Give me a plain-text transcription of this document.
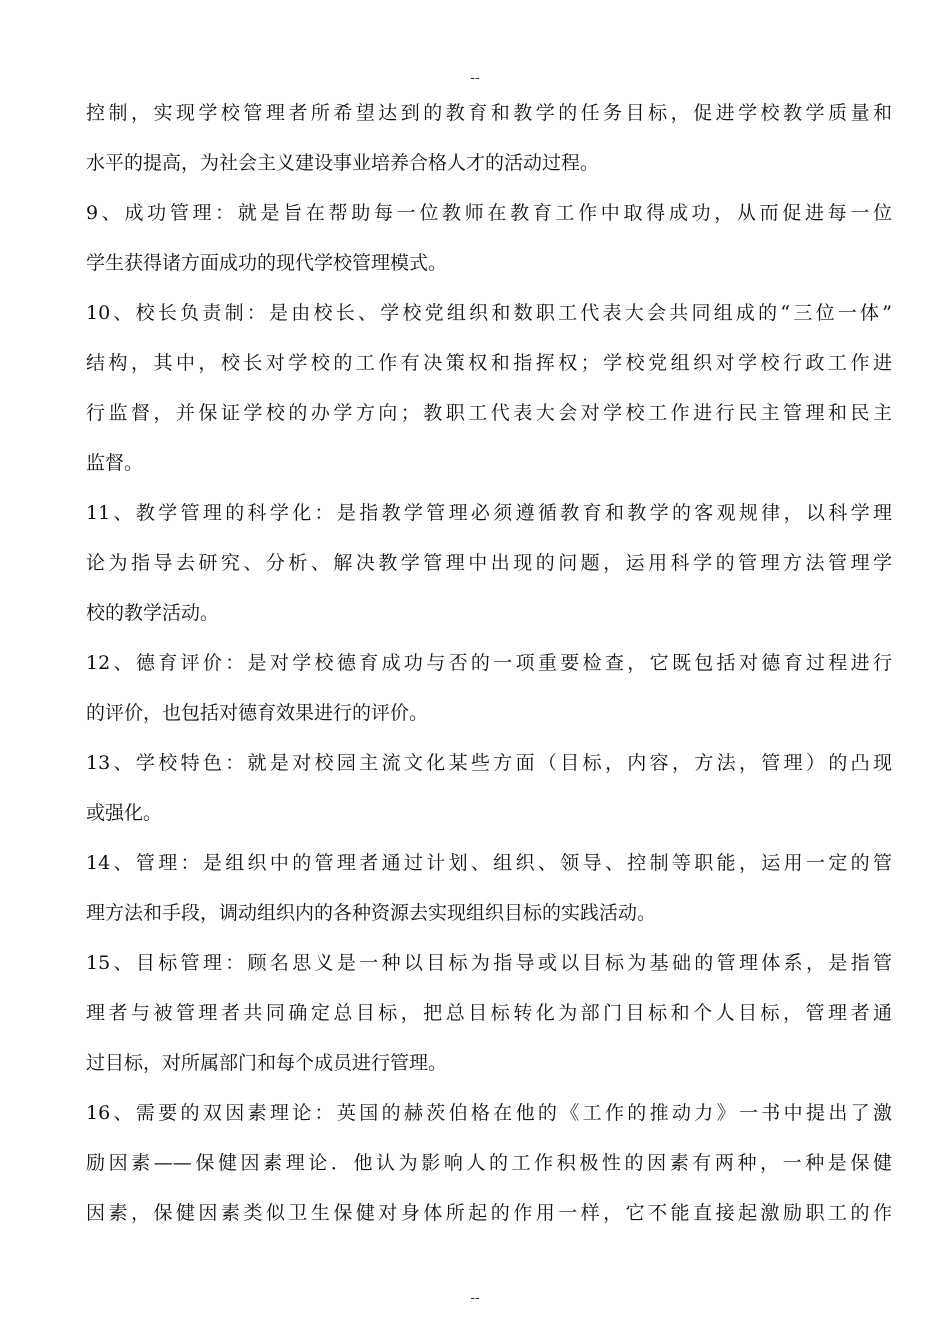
--
控制，实现学校管理者所希望达到的教育和教学的任务目标，促进学校教学质量和
水平的提高，为社会主义建设事业培养合格人才的活动过程。
9、成功管理：就是旨在帮助每一位教师在教育工作中取得成功，从而促进每一位
学生获得诸方面成功的现代学校管理模式。
10、校长负责制：是由校长、学校党组织和数职工代表大会共同组成的“三位一体”
结构，其中，校长对学校的工作有决策权和指挥权；学校党组织对学校行政工作进
行监督，并保证学校的办学方向；教职工代表大会对学校工作进行民主管理和民主
监督。
11、教学管理的科学化：是指教学管理必须遵循教育和教学的客观规律，以科学理
论为指导去研究、分析、解决教学管理中出现的问题，运用科学的管理方法管理学
校的教学活动。
12、德育评价：是对学校德育成功与否的一项重要检查，它既包括对德育过程进行
的评价，也包括对德育效果进行的评价。
13、学校特色：就是对校园主流文化某些方面（目标，内容，方法，管理）的凸现
或强化。
14、管理：是组织中的管理者通过计划、组织、领导、控制等职能，运用一定的管
理方法和手段，调动组织内的各种资源去实现组织目标的实践活动。
15、目标管理：顾名思义是一种以目标为指导或以目标为基础的管理体系，是指管
理者与被管理者共同确定总目标，把总目标转化为部门目标和个人目标，管理者通
过目标，对所属部门和每个成员进行管理。
16、需要的双因素理论：英国的赫茨伯格在他的《工作的推动力》一书中提出了激
励因素——保健因素理论．他认为影响人的工作积极性的因素有两种，一种是保健
因素，保健因素类似卫生保健对身体所起的作用一样，它不能直接起激励职工的作
--
